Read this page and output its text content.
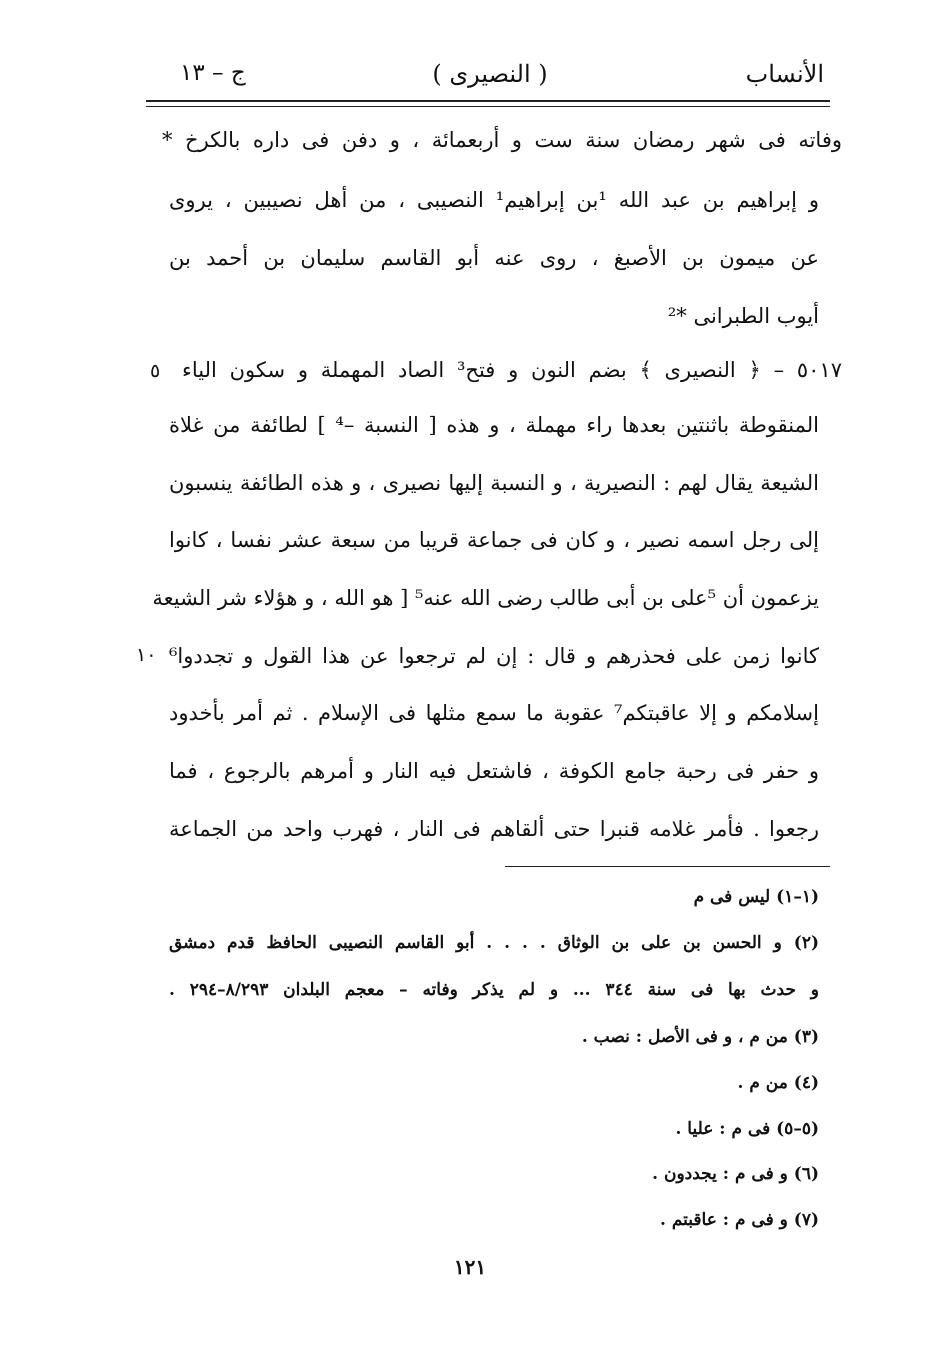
ج – ١٣	( النصيرى )	الأنساب
وفاته فى شهر رمضان سنة ست و أربعمائة ، و دفن فى داره بالكرخ *
و إبراهيم بن عبد الله ¹بن إبراهيم¹ النصيبى ، من أهل نصيبين ، يروى
عن ميمون بن الأصبغ ، روى عنه أبو القاسم سليمان بن أحمد بن
أيوب الطبرانى *²
٥٠١٧ – ﴿ النصيرى ﴾ بضم النون و فتح³ الصاد المهملة و سكون الياء
٥
المنقوطة باثنتين بعدها راء مهملة ، و هذه [ النسبة –⁴ ] لطائفة من غلاة
الشيعة يقال لهم : النصيرية ، و النسبة إليها نصيرى ، و هذه الطائفة ينسبون
إلى رجل اسمه نصير ، و كان فى جماعة قريبا من سبعة عشر نفسا ، كانوا
يزعمون أن ⁵على بن أبى طالب رضى الله عنه⁵ [ هو الله ، و هؤلاء شر الشيعة
كانوا زمن على فحذرهم و قال : إن لم ترجعوا عن هذا القول و تجددوا⁶
١٠
إسلامكم و إلا عاقبتكم⁷ عقوبة ما سمع مثلها فى الإسلام . ثم أمر بأخدود
و حفر فى رحبة جامع الكوفة ، فاشتعل فيه النار و أمرهم بالرجوع ، فما
رجعوا . فأمر غلامه قنبرا حتى ألقاهم فى النار ، فهرب واحد من الجماعة
(١–١) ليس فى م
(٢) و الحسن بن على بن الوثاق . . . . أبو القاسم النصيبى الحافظ قدم دمشق
و حدث بها فى سنة ٣٤٤ ... و لم يذكر وفاته – معجم البلدان ٨/٢٩٣–٢٩٤ .
(٣) من م ، و فى الأصل : نصب .
(٤) من م .
(٥–٥) فى م : عليا .
(٦) و فى م : يجددون .
(٧) و فى م : عاقبتم .
١٢١
